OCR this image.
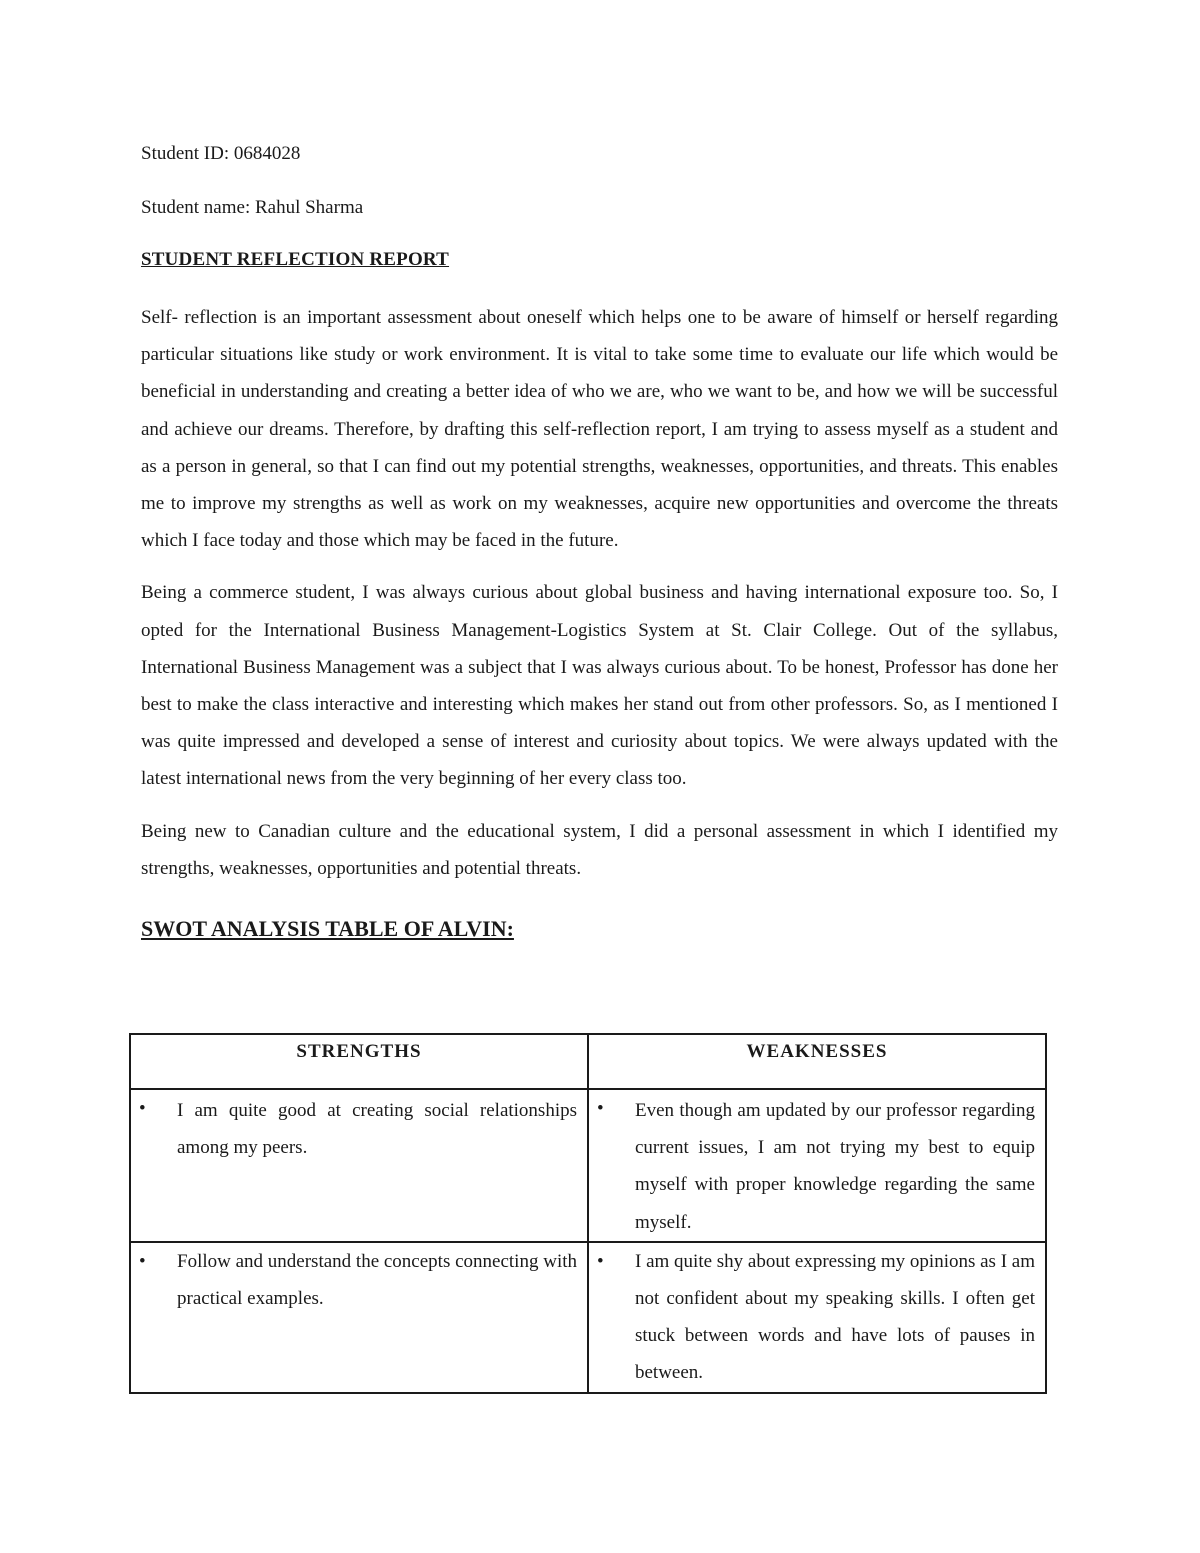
Student ID: 0684028

Student name: Rahul Sharma

STUDENT REFLECTION REPORT

Self- reflection is an important assessment about oneself which helps one to be aware of himself or herself regarding particular situations like study or work environment. It is vital to take some time to evaluate our life which would be beneficial in understanding and creating a better idea of who we are, who we want to be, and how we will be successful and achieve our dreams. Therefore, by drafting this self-reflection report, I am trying to assess myself as a student and as a person in general, so that I can find out my potential strengths, weaknesses, opportunities, and threats. This enables me to improve my strengths as well as work on my weaknesses, acquire new opportunities and overcome the threats which I face today and those which may be faced in the future.

Being a commerce student, I was always curious about global business and having international exposure too. So, I opted for the International Business Management-Logistics System at St. Clair College. Out of the syllabus, International Business Management was a subject that I was always curious about. To be honest, Professor has done her best to make the class interactive and interesting which makes her stand out from other professors. So, as I mentioned I was quite impressed and developed a sense of interest and curiosity about topics. We were always updated with the latest international news from the very beginning of her every class too.

Being new to Canadian culture and the educational system, I did a personal assessment in which I identified my strengths, weaknesses, opportunities and potential threats.

SWOT ANALYSIS TABLE OF ALVIN:

STRENGTHS	WEAKNESSES

• I am quite good at creating social relationships among my peers.	• Even though am updated by our professor regarding current issues, I am not trying my best to equip myself with proper knowledge regarding the same myself.

• Follow and understand the concepts connecting with practical examples.	• I am quite shy about expressing my opinions as I am not confident about my speaking skills. I often get stuck between words and have lots of pauses in between.
